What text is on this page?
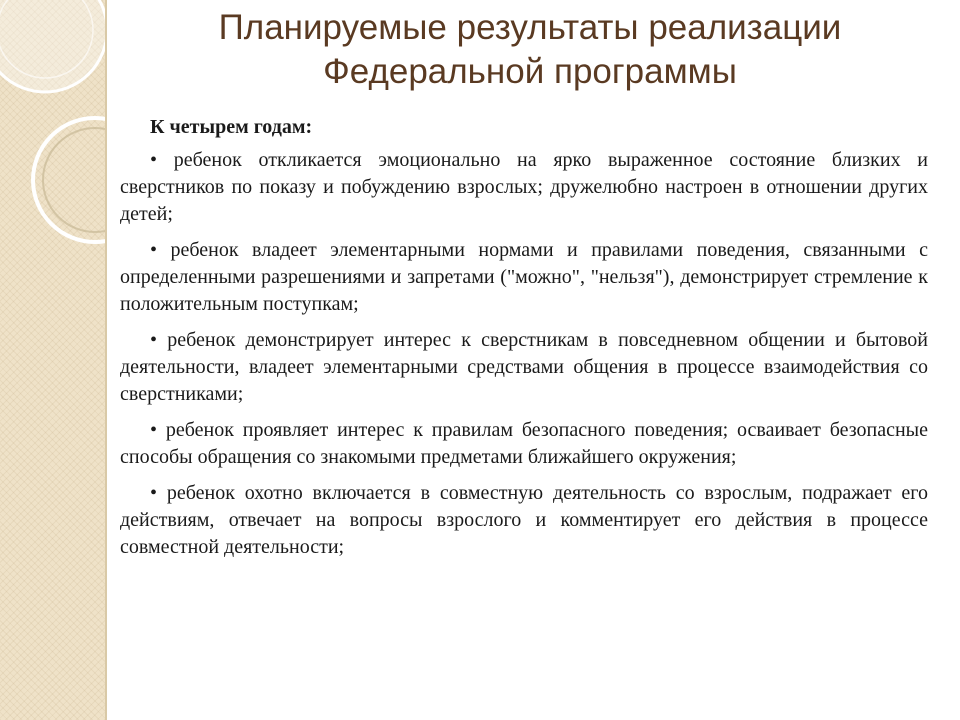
Планируемые результаты реализации
Федеральной программы

К четырем годам:

• ребенок откликается эмоционально на ярко выраженное состояние близких и сверстников по показу и побуждению взрослых; дружелюбно настроен в отношении других детей;

• ребенок владеет элементарными нормами и правилами поведения, связанными с определенными разрешениями и запретами ("можно", "нельзя"), демонстрирует стремление к положительным поступкам;

• ребенок демонстрирует интерес к сверстникам в повседневном общении и бытовой деятельности, владеет элементарными средствами общения в процессе взаимодействия со сверстниками;

• ребенок проявляет интерес к правилам безопасного поведения; осваивает безопасные способы обращения со знакомыми предметами ближайшего окружения;

• ребенок охотно включается в совместную деятельность со взрослым, подражает его действиям, отвечает на вопросы взрослого и комментирует его действия в процессе совместной деятельности;
